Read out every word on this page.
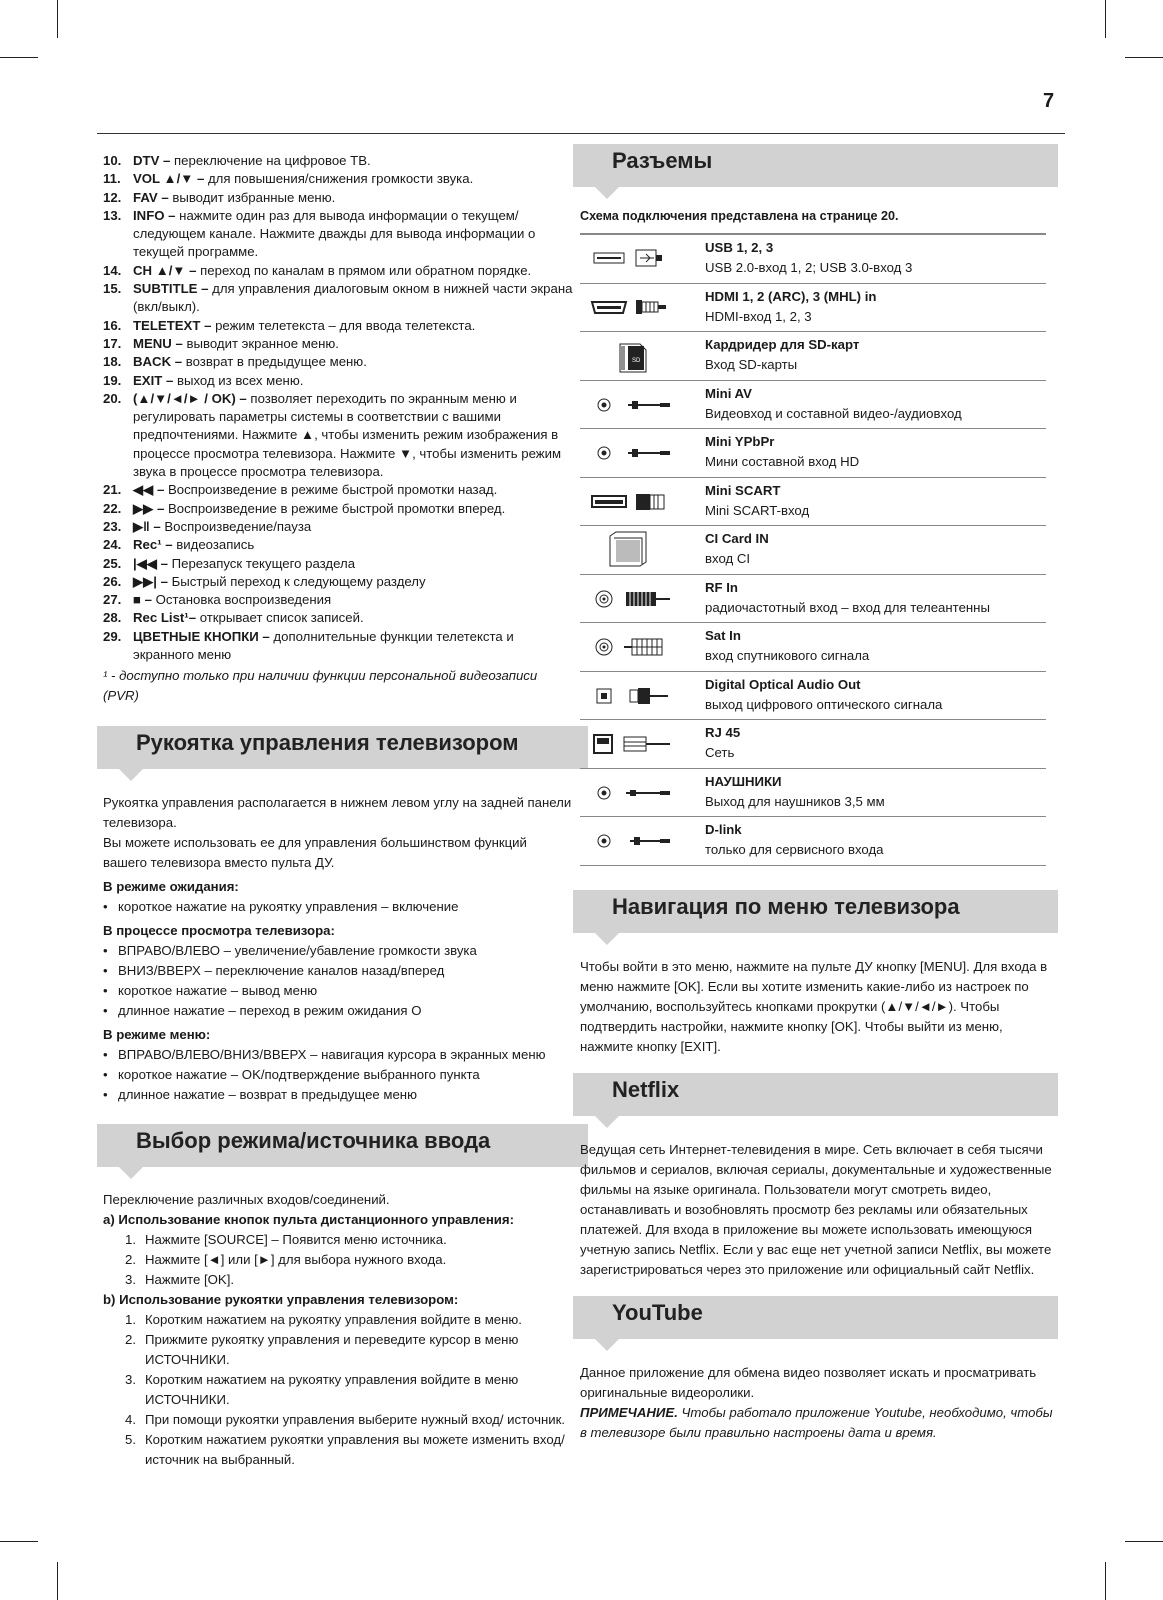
7
10. DTV – переключение на цифровое ТВ.
11. VOL ▲/▼ – для повышения/снижения громкости звука.
12. FAV – выводит избранные меню.
13. INFO – нажмите один раз для вывода информации о текущем/ следующем канале. Нажмите дважды для вывода информации о текущей программе.
14. CH ▲/▼ – переход по каналам в прямом или обратном порядке.
15. SUBTITLE – для управления диалоговым окном в нижней части экрана (вкл/выкл).
16. TELETEXT – режим телетекста – для ввода телетекста.
17. MENU – выводит экранное меню.
18. BACK – возврат в предыдущее меню.
19. EXIT – выход из всех меню.
20. (▲/▼/◄/► / OK) – позволяет переходить по экранным меню и регулировать параметры системы в соответствии с вашими предпочтениями. Нажмите ▲, чтобы изменить режим изображения в процессе просмотра телевизора. Нажмите ▼, чтобы изменить режим звука в процессе просмотра телевизора.
21. ◀◀ – Воспроизведение в режиме быстрой промотки назад.
22. ▶▶ – Воспроизведение в режиме быстрой промотки вперед.
23. ▶‖ – Воспроизведение/пауза
24. Rec¹ – видеозапись
25. |◀◀ – Перезапуск текущего раздела
26. ▶▶| – Быстрый переход к следующему разделу
27. ■ – Остановка воспроизведения
28. Rec List¹– открывает список записей.
29. ЦВЕТНЫЕ КНОПКИ – дополнительные функции телетекста и экранного меню
¹ - доступно только при наличии функции персональной видеозаписи (PVR)
Рукоятка управления телевизором

Рукоятка управления располагается в нижнем левом углу на задней панели телевизора.

Вы можете использовать ее для управления большинством функций вашего телевизора вместо пульта ДУ.

В режиме ожидания:
• короткое нажатие на рукоятку управления – включение
В процессе просмотра телевизора:
• ВПРАВО/ВЛЕВО – увеличение/убавление громкости звука
• ВНИЗ/ВВЕРХ – переключение каналов назад/вперед
• короткое нажатие – вывод меню
• длинное нажатие – переход в режим ожидания О
В режиме меню:
• ВПРАВО/ВЛЕВО/ВНИЗ/ВВЕРХ – навигация курсора в экранных меню
• короткое нажатие – OK/подтверждение выбранного пункта
• длинное нажатие – возврат в предыдущее меню
Выбор режима/источника ввода

Переключение различных входов/соединений.

a) Использование кнопок пульта дистанционного управления:
1. Нажмите [SOURCE] – Появится меню источника.
2. Нажмите [◄] или [►] для выбора нужного входа.
3. Нажмите [OK].
b) Использование рукоятки управления телевизором:
1. Коротким нажатием на рукоятку управления войдите в меню.
2. Прижмите рукоятку управления и переведите курсор в меню ИСТОЧНИКИ.
3. Коротким нажатием на рукоятку управления войдите в меню ИСТОЧНИКИ.
4. При помощи рукоятки управления выберите нужный вход/ источник.
5. Коротким нажатием рукоятки управления вы можете изменить вход/источник на выбранный.
Разъемы
Схема подключения представлена на странице 20.
USB 1, 2, 3
USB 2.0-вход 1, 2; USB 3.0-вход 3
HDMI 1, 2 (ARC), 3 (MHL) in
HDMI-вход 1, 2, 3
SD
Кардридер для SD-карт
Вход SD-карты
Mini AV
Видеовход и составной видео-/аудиовход
Mini YPbPr
Мини составной вход HD
Mini SCART
Mini SCART-вход
CI Card IN
вход CI
RF In
радиочастотный вход – вход для телеантенны
Sat In
вход спутникового сигнала
Digital Optical Audio Out
выход цифрового оптического сигнала
RJ 45
Сеть
НАУШНИКИ
Выход для наушников 3,5 мм
D-link
только для сервисного входа
Навигация по меню телевизора

Чтобы войти в это меню, нажмите на пульте ДУ кнопку [MENU]. Для входа в меню нажмите [OK]. Если вы хотите изменить какие-либо из настроек по умолчанию, воспользуйтесь кнопками прокрутки (▲/▼/◄/►). Чтобы подтвердить настройки, нажмите кнопку [OK]. Чтобы выйти из меню, нажмите кнопку [EXIT].

Netflix

Ведущая сеть Интернет-телевидения в мире. Сеть включает в себя тысячи фильмов и сериалов, включая сериалы, документальные и художественные фильмы на языке оригинала. Пользователи могут смотреть видео, останавливать и возобновлять просмотр без рекламы или обязательных платежей. Для входа в приложение вы можете использовать имеющуюся учетную запись Netflix. Если у вас еще нет учетной записи Netflix, вы можете зарегистрироваться через это приложение или официальный сайт Netflix.

YouTube

Данное приложение для обмена видео позволяет искать и просматривать оригинальные видеоролики.

ПРИМЕЧАНИЕ. Чтобы работало приложение Youtube, необходимо, чтобы в телевизоре были правильно настроены дата и время.
